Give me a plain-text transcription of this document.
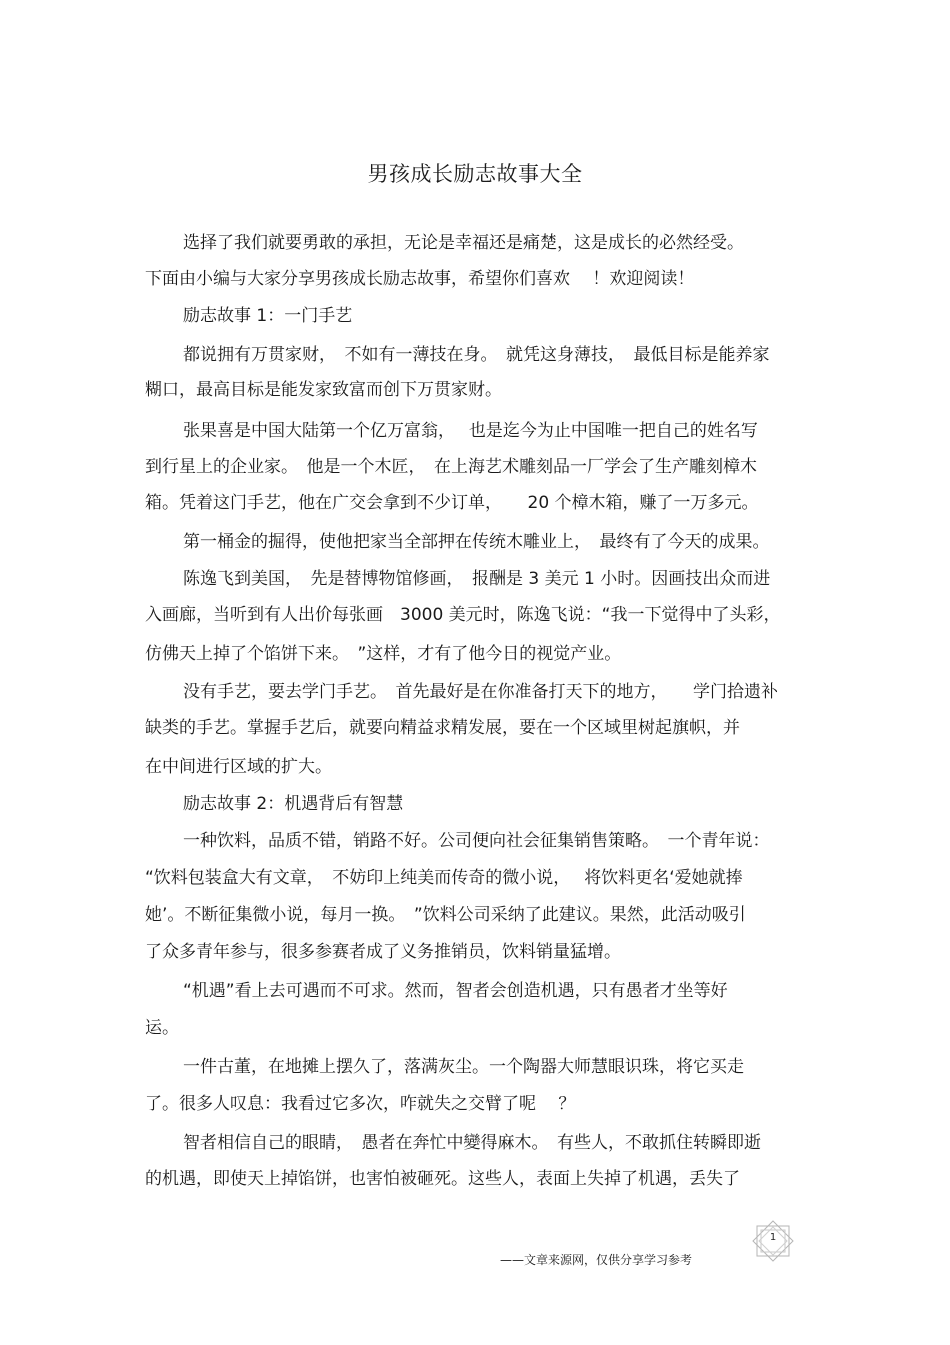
男孩成长励志故事大全
选择了我们就要勇敢的承担，无论是幸福还是痛楚，这是成长的必然经受。
下面由小编与大家分享男孩成长励志故事，希望你们喜欢　 ！欢迎阅读！
励志故事 1：一门手艺
都说拥有万贯家财，　不如有一薄技在身。　就凭这身薄技，　最低目标是能养家
糊口，最高目标是能发家致富而创下万贯家财。
张果喜是中国大陆第一个亿万富翁，　 也是迄今为止中国唯一把自己的姓名写
到行星上的企业家。　他是一个木匠，　在上海艺术雕刻品一厂学会了生产雕刻樟木
箱。凭着这门手艺，他在广交会拿到不少订单，　　20 个樟木箱，赚了一万多元。
第一桶金的掘得，使他把家当全部押在传统木雕业上，　最终有了今天的成果。
陈逸飞到美国，　先是替博物馆修画，　报酬是 3 美元 1 小时。因画技出众而进
入画廊，当听到有人出价每张画　3000 美元时，陈逸飞说：“我一下觉得中了头彩，
仿佛天上掉了个馅饼下来。　”这样，才有了他今日的视觉产业。
没有手艺，要去学门手艺。　首先最好是在你准备打天下的地方，　　学门拾遗补
缺类的手艺。掌握手艺后，就要向精益求精发展，要在一个区域里树起旗帜，并
在中间进行区域的扩大。
励志故事 2：机遇背后有智慧
一种饮料，品质不错，销路不好。公司便向社会征集销售策略。　一个青年说：
“饮料包装盒大有文章，　不妨印上纯美而传奇的微小说，　 将饮料更名‘爱她就捧
她’。不断征集微小说，每月一换。　”饮料公司采纳了此建议。果然，此活动吸引
了众多青年参与，很多参赛者成了义务推销员，饮料销量猛增。
“机遇”看上去可遇而不可求。然而，智者会创造机遇，只有愚者才坐等好
运。
一件古董，在地摊上摆久了，落满灰尘。一个陶器大师慧眼识珠，将它买走
了。很多人叹息：我看过它多次，咋就失之交臂了呢　 ？
智者相信自己的眼睛，　愚者在奔忙中變得麻木。　有些人，不敢抓住转瞬即逝
的机遇，即使天上掉馅饼，也害怕被砸死。这些人，表面上失掉了机遇，丢失了
——文章来源网，仅供分享学习参考
1
